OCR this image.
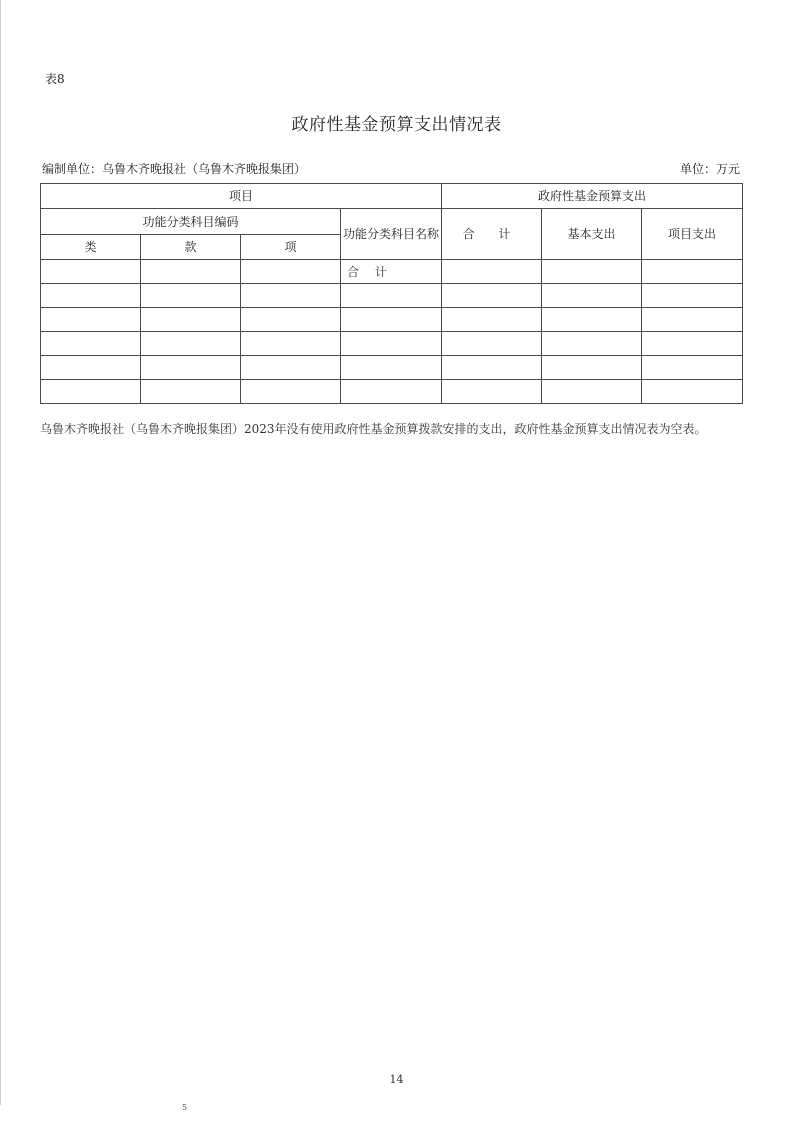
表8
政府性基金预算支出情况表
编制单位：乌鲁木齐晚报社（乌鲁木齐晚报集团）	单位：万元
项目				政府性基金预算支出		
功能分类科目编码			功能分类科目名称	合 计	基本支出	项目支出
类	款	项				
			合 计			

乌鲁木齐晚报社（乌鲁木齐晚报集团）2023年没有使用政府性基金预算拨款安排的支出，政府性基金预算支出情况表为空表。
14
5
